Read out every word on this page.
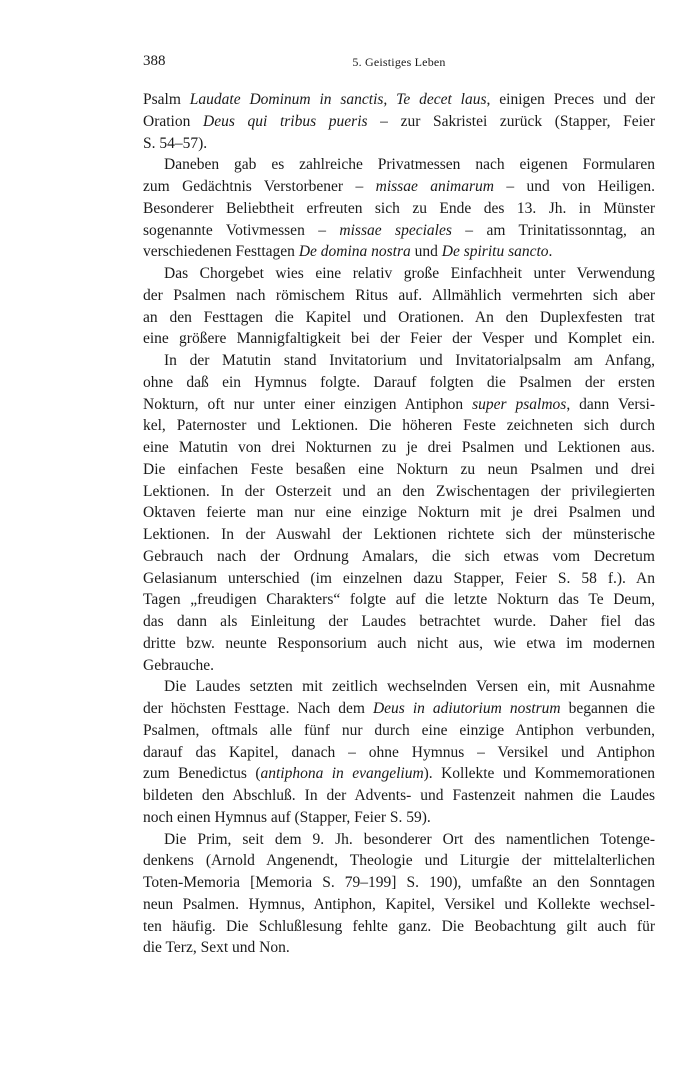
388	5. Geistiges Leben
Psalm Laudate Dominum in sanctis, Te decet laus, einigen Preces und der
Oration Deus qui tribus pueris – zur Sakristei zurück (Stapper, Feier
S. 54–57).
Daneben gab es zahlreiche Privatmessen nach eigenen Formularen
zum Gedächtnis Verstorbener – missae animarum – und von Heiligen.
Besonderer Beliebtheit erfreuten sich zu Ende des 13. Jh. in Münster
sogenannte Votivmessen – missae speciales – am Trinitatissonntag, an
verschiedenen Festtagen De domina nostra und De spiritu sancto.
Das Chorgebet wies eine relativ große Einfachheit unter Verwendung
der Psalmen nach römischem Ritus auf. Allmählich vermehrten sich aber
an den Festtagen die Kapitel und Orationen. An den Duplexfesten trat
eine größere Mannigfaltigkeit bei der Feier der Vesper und Komplet ein.
In der Matutin stand Invitatorium und Invitatorialpsalm am Anfang,
ohne daß ein Hymnus folgte. Darauf folgten die Psalmen der ersten
Nokturn, oft nur unter einer einzigen Antiphon super psalmos, dann Versi-
kel, Paternoster und Lektionen. Die höheren Feste zeichneten sich durch
eine Matutin von drei Nokturnen zu je drei Psalmen und Lektionen aus.
Die einfachen Feste besaßen eine Nokturn zu neun Psalmen und drei
Lektionen. In der Osterzeit und an den Zwischentagen der privilegierten
Oktaven feierte man nur eine einzige Nokturn mit je drei Psalmen und
Lektionen. In der Auswahl der Lektionen richtete sich der münsterische
Gebrauch nach der Ordnung Amalars, die sich etwas vom Decretum
Gelasianum unterschied (im einzelnen dazu Stapper, Feier S. 58 f.). An
Tagen „freudigen Charakters“ folgte auf die letzte Nokturn das Te Deum,
das dann als Einleitung der Laudes betrachtet wurde. Daher fiel das
dritte bzw. neunte Responsorium auch nicht aus, wie etwa im modernen
Gebrauche.
Die Laudes setzten mit zeitlich wechselnden Versen ein, mit Ausnahme
der höchsten Festtage. Nach dem Deus in adiutorium nostrum begannen die
Psalmen, oftmals alle fünf nur durch eine einzige Antiphon verbunden,
darauf das Kapitel, danach – ohne Hymnus – Versikel und Antiphon
zum Benedictus (antiphona in evangelium). Kollekte und Kommemorationen
bildeten den Abschluß. In der Advents- und Fastenzeit nahmen die Laudes
noch einen Hymnus auf (Stapper, Feier S. 59).
Die Prim, seit dem 9. Jh. besonderer Ort des namentlichen Totenge-
denkens (Arnold Angenendt, Theologie und Liturgie der mittelalterlichen
Toten-Memoria [Memoria S. 79–199] S. 190), umfaßte an den Sonntagen
neun Psalmen. Hymnus, Antiphon, Kapitel, Versikel und Kollekte wechsel-
ten häufig. Die Schlußlesung fehlte ganz. Die Beobachtung gilt auch für
die Terz, Sext und Non.
